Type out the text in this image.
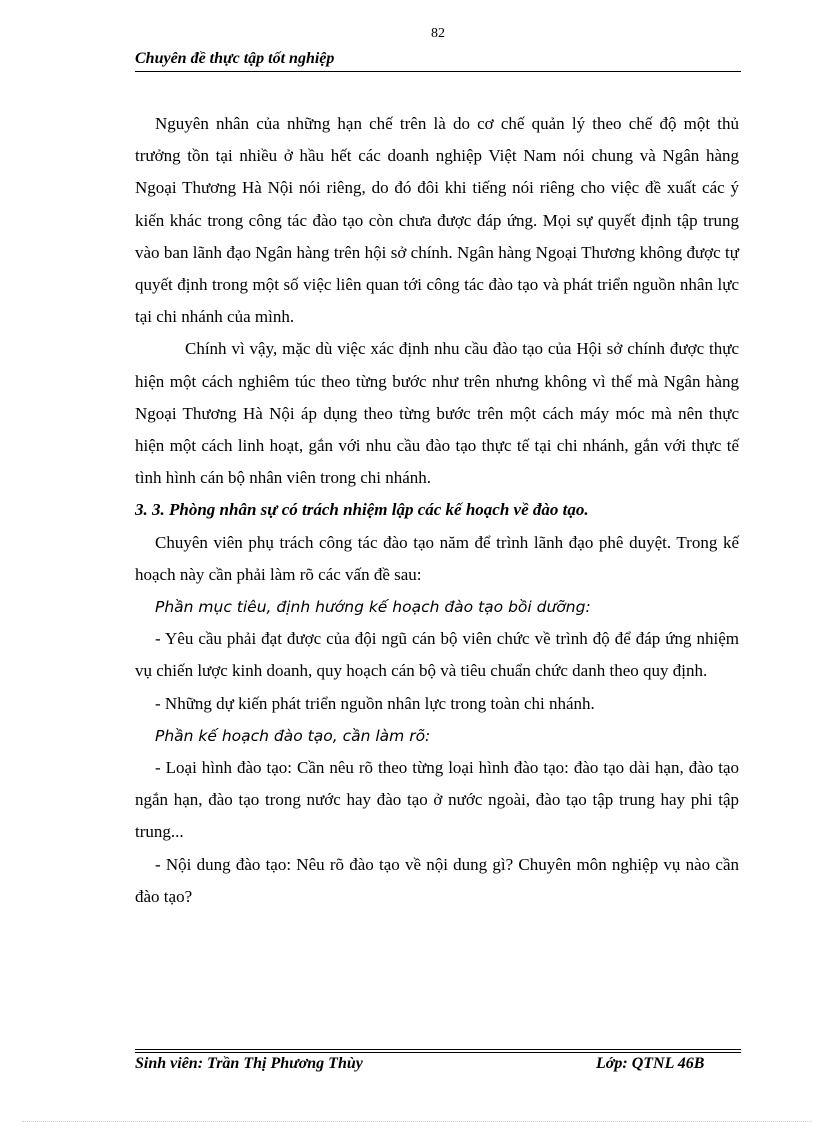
82
Chuyên đề thực tập tốt nghiệp

Nguyên nhân của những hạn chế trên là do cơ chế quản lý theo chế độ một thủ trưởng tồn tại nhiều ở hầu hết các doanh nghiệp Việt Nam nói chung và Ngân hàng Ngoại Thương Hà Nội nói riêng, do đó đôi khi tiếng nói riêng cho việc đề xuất các ý kiến khác trong công tác đào tạo còn chưa được đáp ứng. Mọi sự quyết định tập trung vào ban lãnh đạo Ngân hàng trên hội sở chính. Ngân hàng Ngoại Thương không được tự quyết định trong một số việc liên quan tới công tác đào tạo và phát triển nguồn nhân lực tại chi nhánh của mình.

Chính vì vậy, mặc dù việc xác định nhu cầu đào tạo của Hội sở chính được thực hiện một cách nghiêm túc theo từng bước như trên nhưng không vì thế mà Ngân hàng Ngoại Thương Hà Nội áp dụng theo từng bước trên một cách máy móc mà nên thực hiện một cách linh hoạt, gắn với nhu cầu đào tạo thực tế tại chi nhánh, gắn với thực tế tình hình cán bộ nhân viên trong chi nhánh.

3. 3. Phòng nhân sự có trách nhiệm lập các kế hoạch về đào tạo.

Chuyên viên phụ trách công tác đào tạo năm để trình lãnh đạo phê duyệt. Trong kế hoạch này cần phải làm rõ các vấn đề sau:

Phần mục tiêu, định hướng kế hoạch đào tạo bồi dưỡng:

- Yêu cầu phải đạt được của đội ngũ cán bộ viên chức về trình độ để đáp ứng nhiệm vụ chiến lược kinh doanh, quy hoạch cán bộ và tiêu chuẩn chức danh theo quy định.

- Những dự kiến phát triển nguồn nhân lực trong toàn chi nhánh.

Phần kế hoạch đào tạo, cần làm rõ:

- Loại hình đào tạo: Cần nêu rõ theo từng loại hình đào tạo: đào tạo dài hạn, đào tạo ngắn hạn, đào tạo trong nước hay đào tạo ở nước ngoài, đào tạo tập trung hay phi tập trung...

- Nội dung đào tạo: Nêu rõ đào tạo về nội dung gì? Chuyên môn nghiệp vụ nào cần đào tạo?

Sinh viên: Trần Thị Phương Thùy	Lớp: QTNL 46B
